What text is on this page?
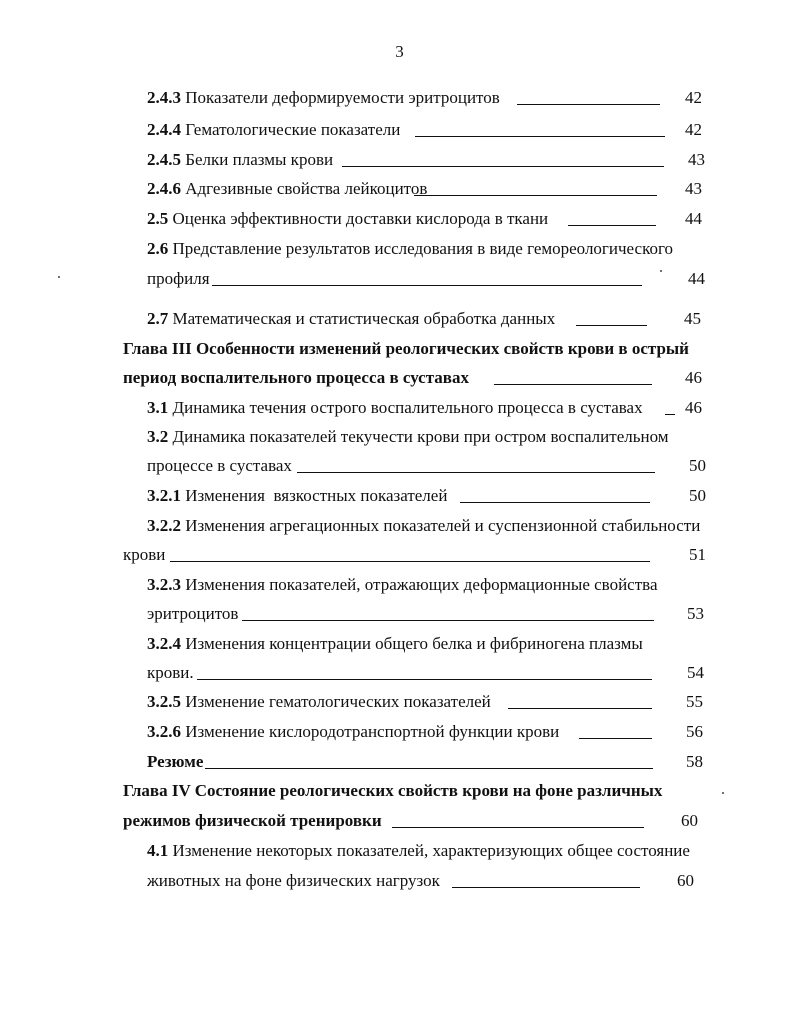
3
2.4.3 Показатели деформируемости эритроцитов	42
2.4.4 Гематологические показатели	42
2.4.5 Белки плазмы крови	43
2.4.6 Адгезивные свойства лейкоцитов	43
2.5 Оценка эффективности доставки кислорода в ткани	44
2.6 Представление результатов исследования в виде гемореологического
профиля	44
2.7 Математическая и статистическая обработка данных	45
Глава III Особенности изменений реологических свойств крови в острый
период воспалительного процесса в суставах	46
3.1 Динамика течения острого воспалительного процесса в суставах	46
3.2 Динамика показателей текучести крови при остром воспалительном
процессе в суставах	50
3.2.1 Изменения  вязкостных показателей	50
3.2.2 Изменения агрегационных показателей и суспензионной стабильности
крови	51
3.2.3 Изменения показателей, отражающих деформационные свойства
эритроцитов	53
3.2.4 Изменения концентрации общего белка и фибриногена плазмы
крови.	54
3.2.5 Изменение гематологических показателей	55
3.2.6 Изменение кислородотранспортной функции крови	56
Резюме	58
Глава IV Состояние реологических свойств крови на фоне различных
режимов физической тренировки	60
4.1 Изменение некоторых показателей, характеризующих общее состояние
животных на фоне физических нагрузок	60
